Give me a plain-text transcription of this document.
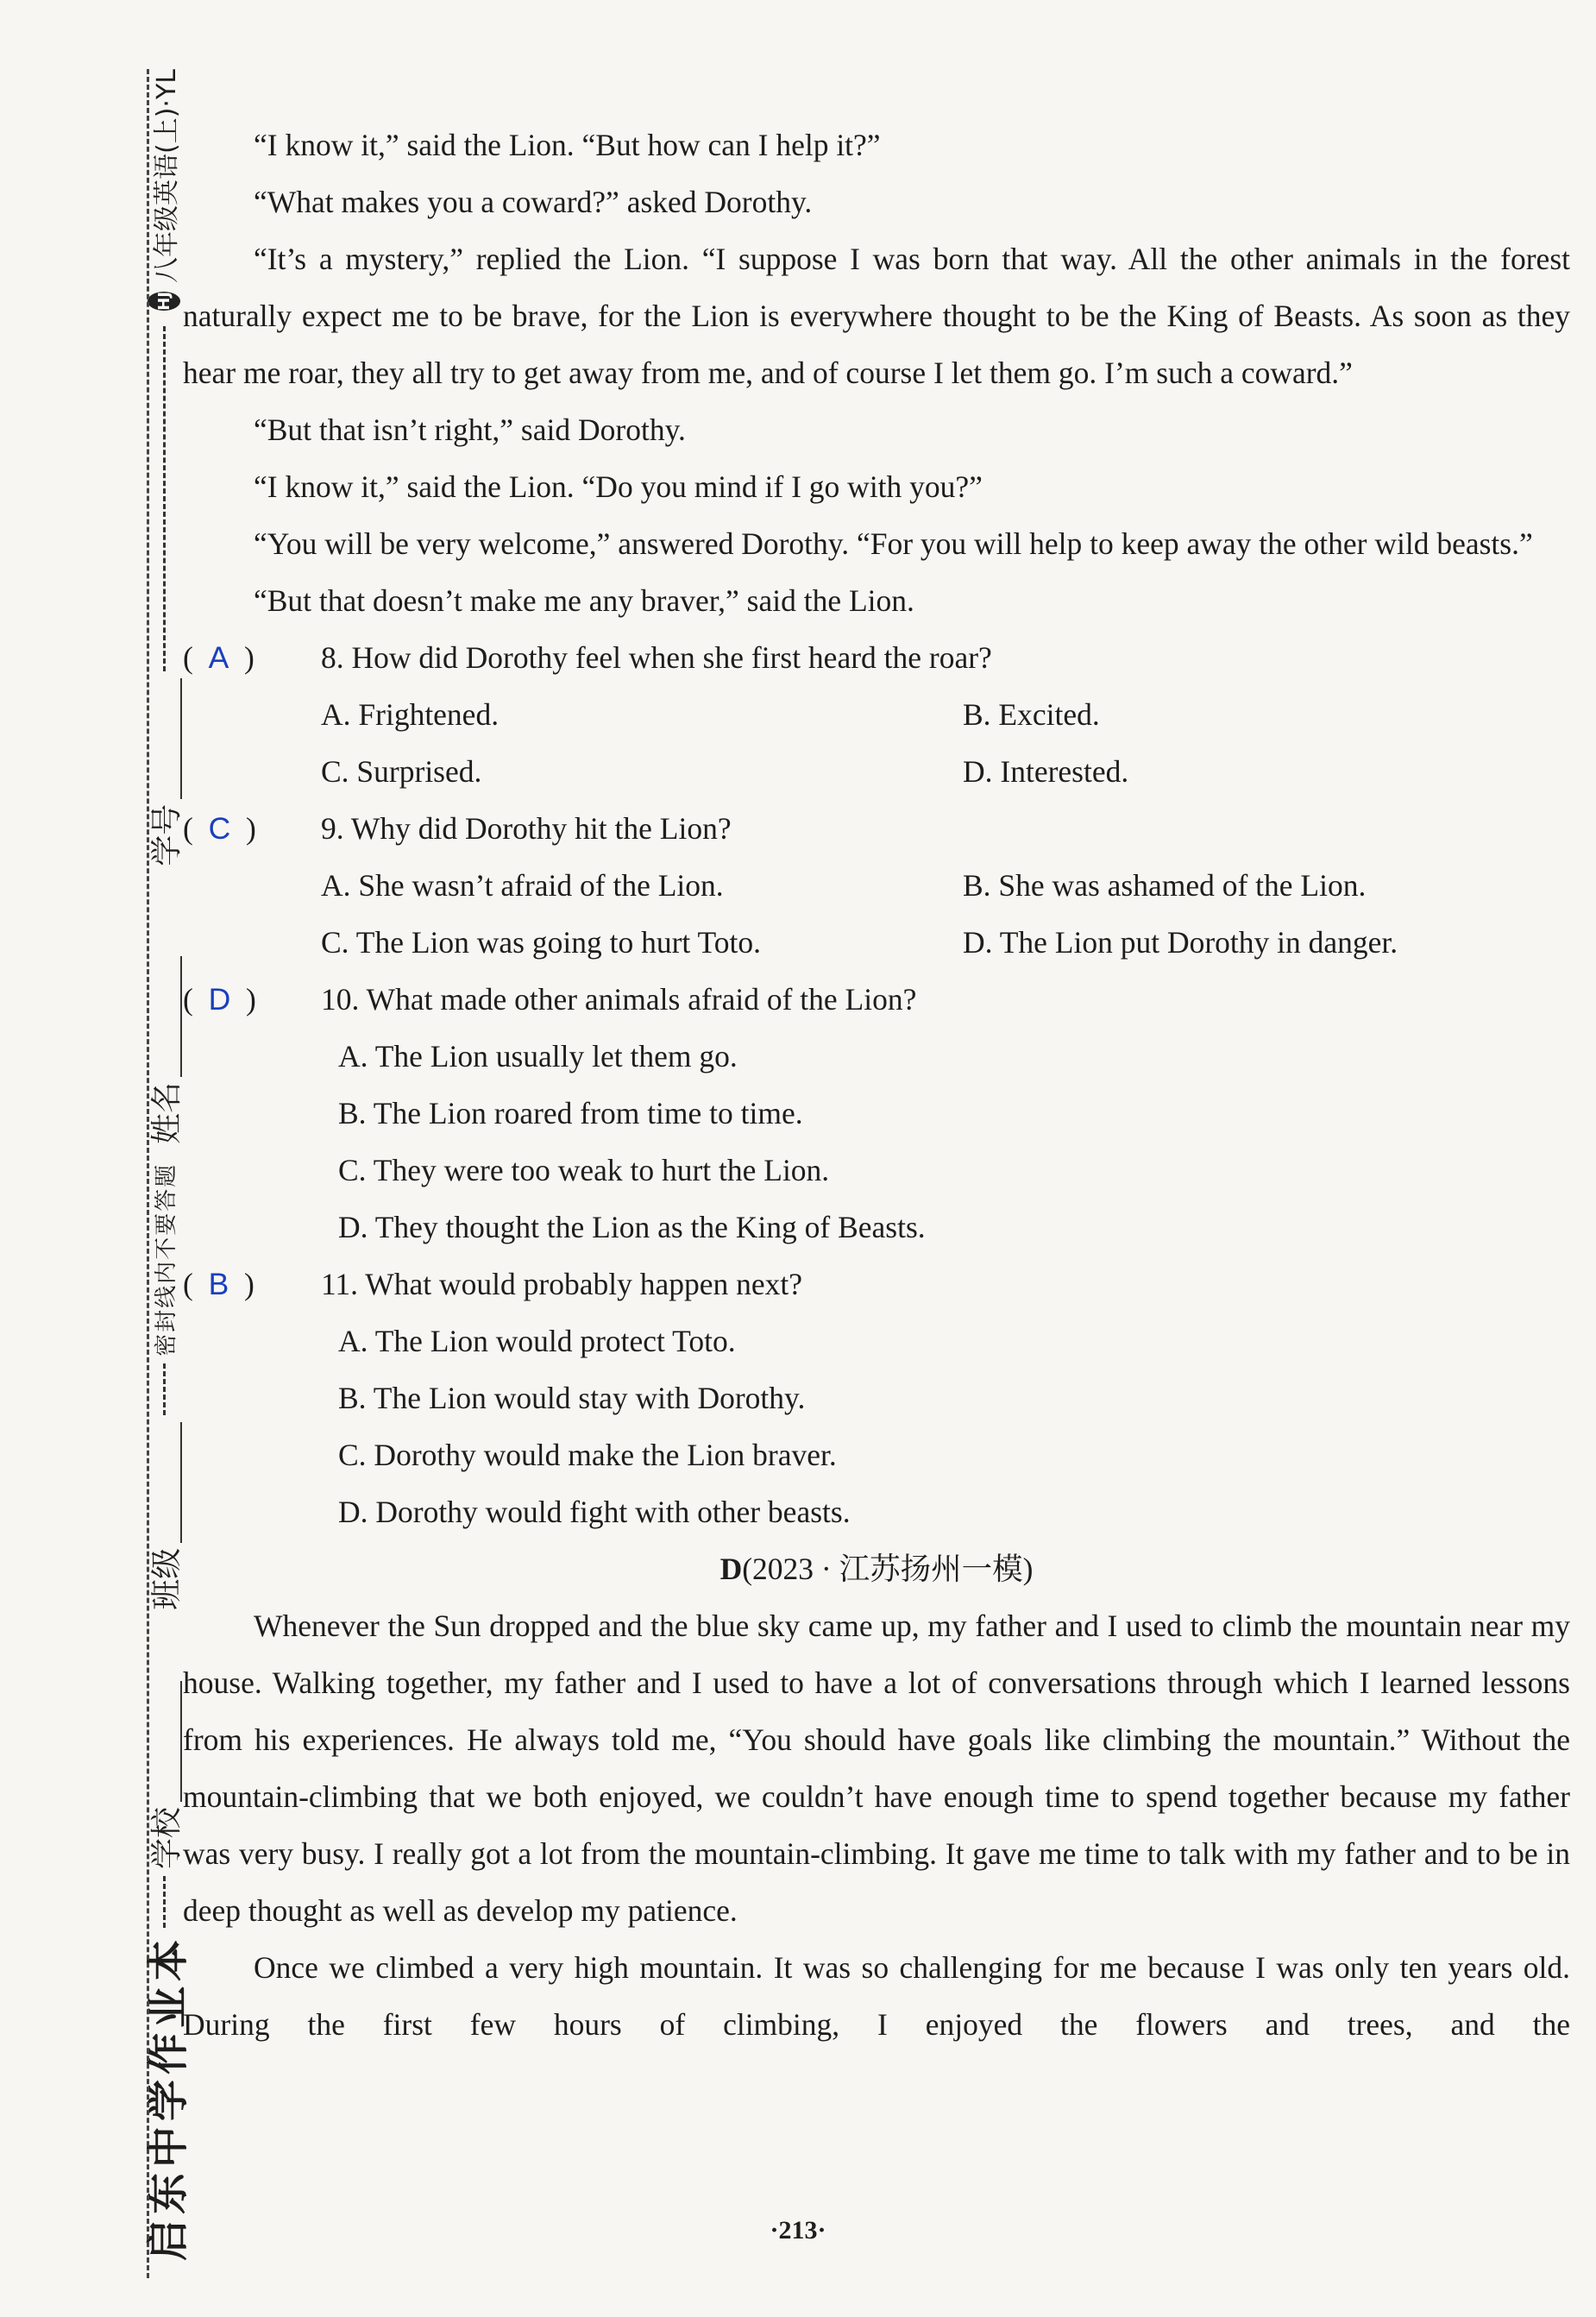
启东中学作业本
学校
班级
密封线内不要答题
姓名
学号
HJ
八年级英语(上)·YL	“I know it,” said the Lion. “But how can I help it?”

“What makes you a coward?” asked Dorothy.

“It’s a mystery,” replied the Lion. “I suppose I was born that way. All the other animals in the forest naturally expect me to be brave, for the Lion is everywhere thought to be the King of Beasts. As soon as they hear me roar, they all try to get away from me, and of course I let them go. I’m such a coward.”

“But that isn’t right,” said Dorothy.

“I know it,” said the Lion. “Do you mind if I go with you?”

“You will be very welcome,” answered Dorothy. “For you will help to keep away the other wild beasts.”

“But that doesn’t make me any braver,” said the Lion.

(  A  )	8. How did Dorothy feel when she first heard the roar?
A. Frightened.	B. Excited.
C. Surprised.	D. Interested.
(  C  )	9. Why did Dorothy hit the Lion?
A. She wasn’t afraid of the Lion.	B. She was ashamed of the Lion.
C. The Lion was going to hurt Toto.	D. The Lion put Dorothy in danger.
(  D  )	10. What made other animals afraid of the Lion?
A. The Lion usually let them go.
B. The Lion roared from time to time.
C. They were too weak to hurt the Lion.
D. They thought the Lion as the King of Beasts.
(  B  )	11. What would probably happen next?
A. The Lion would protect Toto.
B. The Lion would stay with Dorothy.
C. Dorothy would make the Lion braver.
D. Dorothy would fight with other beasts.

D(2023 · 江苏扬州一模)

Whenever the Sun dropped and the blue sky came up, my father and I used to climb the mountain near my house. Walking together, my father and I used to have a lot of conversations through which I learned lessons from his experiences. He always told me, “You should have goals like climbing the mountain.” Without the mountain-climbing that we both enjoyed, we couldn’t have enough time to spend together because my father was very busy. I really got a lot from the mountain-climbing. It gave me time to talk with my father and to be in deep thought as well as develop my patience.

Once we climbed a very high mountain. It was so challenging for me because I was only ten years old. During the first few hours of climbing, I enjoyed the flowers and trees, and the

·213·
